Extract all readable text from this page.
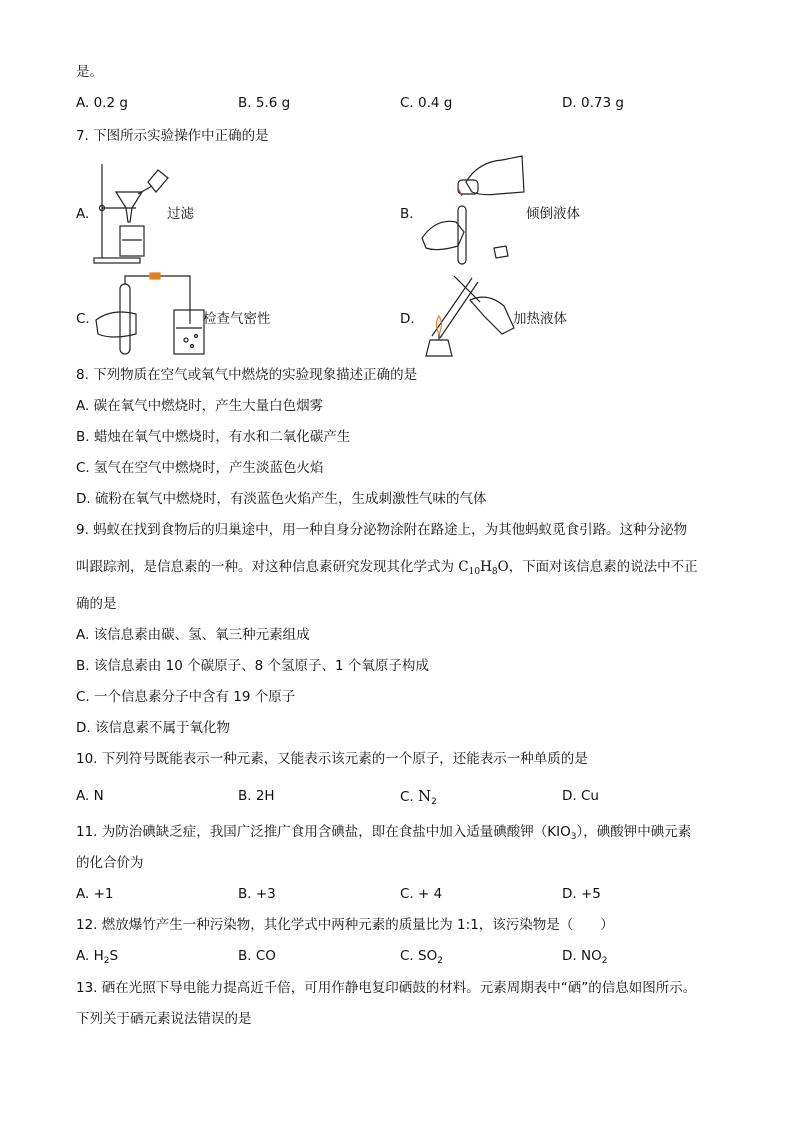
是。
A. 0.2 g	B. 5.6 g	C. 0.4 g	D. 0.73 g
7. 下图所示实验操作中正确的是
A.	过滤	B.	倾倒液体
C.	检查气密性	D.	加热液体
8. 下列物质在空气或氧气中燃烧的实验现象描述正确的是
A. 碳在氧气中燃烧时，产生大量白色烟雾
B. 蜡烛在氧气中燃烧时，有水和二氧化碳产生
C. 氢气在空气中燃烧时，产生淡蓝色火焰
D. 硫粉在氧气中燃烧时，有淡蓝色火焰产生，生成刺激性气味的气体
9. 蚂蚁在找到食物后的归巢途中，用一种自身分泌物涂附在路途上，为其他蚂蚁觅食引路。这种分泌物
叫跟踪剂，是信息素的一种。对这种信息素研究发现其化学式为 $C_{10}H_8O$，下面对该信息素的说法中不正
确的是
A. 该信息素由碳、氢、氧三种元素组成
B. 该信息素由 10 个碳原子、8 个氢原子、1 个氧原子构成
C. 一个信息素分子中含有 19 个原子
D. 该信息素不属于氧化物
10. 下列符号既能表示一种元素，又能表示该元素的一个原子，还能表示一种单质的是
A. N	B. 2H	C. $N_2$	D. Cu
11. 为防治碘缺乏症，我国广泛推广食用含碘盐，即在食盐中加入适量碘酸钾$(KIO_3)$，碘酸钾中碘元素
的化合价为
A. +1	B. +3	C. + 4	D. +5
12. 燃放爆竹产生一种污染物，其化学式中两种元素的质量比为 1:1，该污染物是（　　）
A. $H_2S$	B. CO	C. $SO_2$	D. $NO_2$
13. 硒在光照下导电能力提高近千倍，可用作静电复印硒鼓的材料。元素周期表中“硒”的信息如图所示。
下列关于硒元素说法错误的是
